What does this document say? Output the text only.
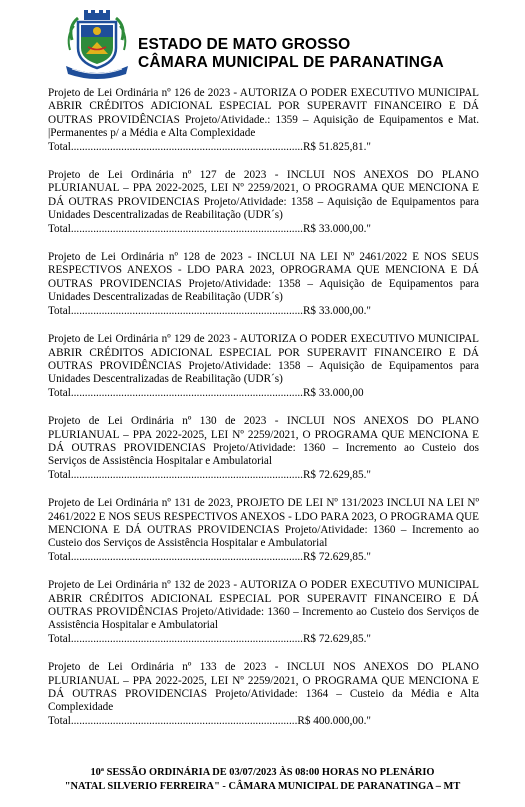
ESTADO DE MATO GROSSO
CÂMARA MUNICIPAL DE PARANATINGA
Projeto de Lei Ordinária nº 126 de 2023 - AUTORIZA O PODER EXECUTIVO MUNICIPAL ABRIR CRÉDITOS ADICIONAL ESPECIAL POR SUPERAVIT FINANCEIRO E DÁ OUTRAS PROVIDÊNCIAS Projeto/Atividade.: 1359 – Aquisição de Equipamentos e Mat. |Permanentes p/ a Média e Alta Complexidade
Total...................................................................................R$ 51.825,81."
Projeto de Lei Ordinária nº 127 de 2023 - INCLUI NOS ANEXOS DO PLANO PLURIANUAL – PPA 2022-2025, LEI Nº 2259/2021, O PROGRAMA QUE MENCIONA E DÁ OUTRAS PROVIDENCIAS Projeto/Atividade: 1358 – Aquisição de Equipamentos para Unidades Descentralizadas de Reabilitação (UDR´s)
Total...................................................................................R$ 33.000,00."
Projeto de Lei Ordinária nº 128 de 2023 - INCLUI NA LEI Nº 2461/2022 E NOS SEUS RESPECTIVOS ANEXOS - LDO PARA 2023, OPROGRAMA QUE MENCIONA E DÁ OUTRAS PROVIDENCIAS Projeto/Atividade: 1358 – Aquisição de Equipamentos para Unidades Descentralizadas de Reabilitação (UDR´s)
Total...................................................................................R$ 33.000,00."
Projeto de Lei Ordinária nº 129 de 2023 - AUTORIZA O PODER EXECUTIVO MUNICIPAL ABRIR CRÉDITOS ADICIONAL ESPECIAL POR SUPERAVIT FINANCEIRO E DÁ OUTRAS PROVIDÊNCIAS Projeto/Atividade: 1358 – Aquisição de Equipamentos para Unidades Descentralizadas de Reabilitação (UDR´s)
Total...................................................................................R$ 33.000,00
Projeto de Lei Ordinária nº 130 de 2023 - INCLUI NOS ANEXOS DO PLANO PLURIANUAL – PPA 2022-2025, LEI Nº 2259/2021, O PROGRAMA QUE MENCIONA E DÁ OUTRAS PROVIDENCIAS Projeto/Atividade: 1360 – Incremento ao Custeio dos Serviços de Assistência Hospitalar e Ambulatorial
Total...................................................................................R$ 72.629,85."
Projeto de Lei Ordinária nº 131 de 2023, PROJETO DE LEI Nº 131/2023 INCLUI NA LEI Nº 2461/2022 E NOS SEUS RESPECTIVOS ANEXOS - LDO PARA 2023, O PROGRAMA QUE MENCIONA E DÁ OUTRAS PROVIDENCIAS Projeto/Atividade: 1360 – Incremento ao Custeio dos Serviços de Assistência Hospitalar e Ambulatorial
Total...................................................................................R$ 72.629,85."
Projeto de Lei Ordinária nº 132 de 2023 - AUTORIZA O PODER EXECUTIVO MUNICIPAL ABRIR CRÉDITOS ADICIONAL ESPECIAL POR SUPERAVIT FINANCEIRO E DÁ OUTRAS PROVIDÊNCIAS Projeto/Atividade: 1360 – Incremento ao Custeio dos Serviços de Assistência Hospitalar e Ambulatorial
Total...................................................................................R$ 72.629,85."
Projeto de Lei Ordinária nº 133 de 2023 - INCLUI NOS ANEXOS DO PLANO PLURIANUAL – PPA 2022-2025, LEI Nº 2259/2021, O PROGRAMA QUE MENCIONA E DÁ OUTRAS PROVIDENCIAS Projeto/Atividade: 1364 – Custeio da Média e Alta Complexidade
Total.................................................................................R$ 400.000,00."
10ª SESSÃO ORDINÁRIA DE 03/07/2023 ÀS 08:00 HORAS NO PLENÁRIO
"NATAL SILVERIO FERREIRA" - CÂMARA MUNICIPAL DE PARANATINGA – MT
